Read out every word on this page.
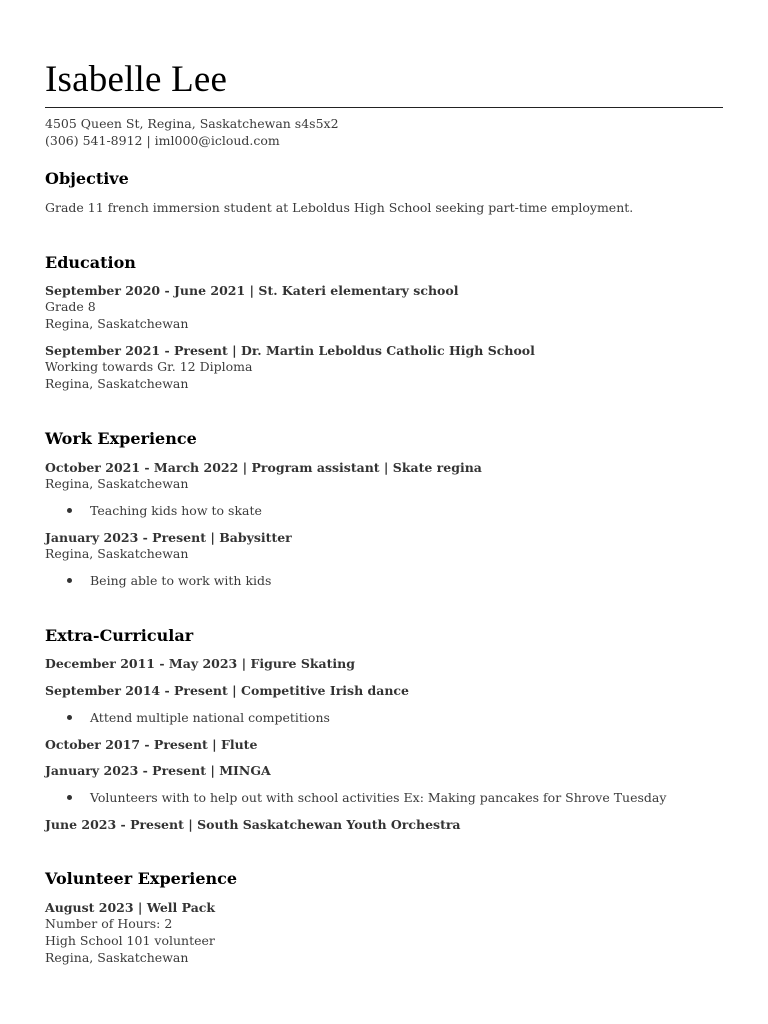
Isabelle Lee
4505 Queen St, Regina, Saskatchewan s4s5x2
(306) 541-8912 | iml000@icloud.com
Objective
Grade 11 french immersion student at Leboldus High School seeking part-time employment.
Education
September 2020 - June 2021 | St. Kateri elementary school
Grade 8
Regina, Saskatchewan
September 2021 - Present | Dr. Martin Leboldus Catholic High School
Working towards Gr. 12 Diploma
Regina, Saskatchewan
Work Experience
October 2021 - March 2022 | Program assistant | Skate regina
Regina, Saskatchewan
Teaching kids how to skate
January 2023 - Present | Babysitter
Regina, Saskatchewan
Being able to work with kids
Extra-Curricular
December 2011 - May 2023 | Figure Skating
September 2014 - Present | Competitive Irish dance
Attend multiple national competitions
October 2017 - Present | Flute
January 2023 - Present | MINGA
Volunteers with to help out with school activities Ex: Making pancakes for Shrove Tuesday
June 2023 - Present | South Saskatchewan Youth Orchestra
Volunteer Experience
August 2023 | Well Pack
Number of Hours: 2
High School 101 volunteer
Regina, Saskatchewan
